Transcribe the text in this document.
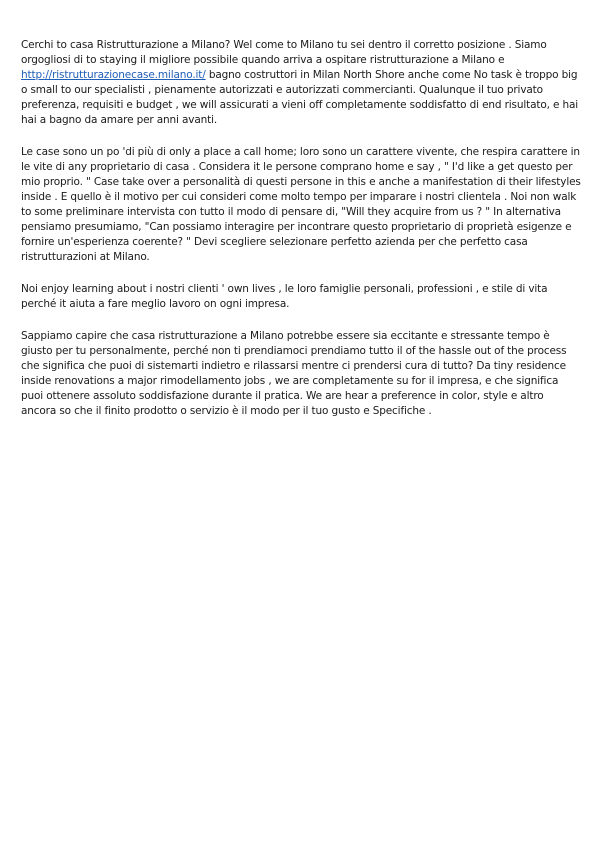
Cerchi to casa Ristrutturazione a Milano? Wel come to Milano tu sei dentro il corretto posizione . Siamo orgogliosi di to staying il migliore possibile quando arriva a ospitare ristrutturazione a Milano e http://ristrutturazionecase.milano.it/ bagno costruttori in Milan North Shore anche come No task è troppo big o small to our specialisti , pienamente autorizzati e autorizzati commercianti. Qualunque il tuo privato preferenza, requisiti e budget , we will assicurati a vieni off completamente soddisfatto di end risultato, e hai hai a bagno da amare per anni avanti.

Le case sono un po 'di più di only a place a call home; loro sono un carattere vivente, che respira carattere in le vite di any proprietario di casa . Considera it le persone comprano home e say , " I'd like a get questo per mio proprio. " Case take over a personalità di questi persone in this e anche a manifestation di their lifestyles inside . E quello è il motivo per cui consideri come molto tempo per imparare i nostri clientela . Noi non walk to some preliminare intervista con tutto il modo di pensare di, "Will they acquire from us ? " In alternativa pensiamo presumiamo, "Can possiamo interagire per incontrare questo proprietario di proprietà esigenze e fornire un'esperienza coerente? " Devi scegliere selezionare perfetto azienda per che perfetto casa ristrutturazioni at Milano.

Noi enjoy learning about i nostri clienti ' own lives , le loro famiglie personali, professioni , e stile di vita perché it aiuta a fare meglio lavoro on ogni impresa.

Sappiamo capire che casa ristrutturazione a Milano potrebbe essere sia eccitante e stressante tempo è giusto per tu personalmente, perché non ti prendiamoci prendiamo tutto il of the hassle out of the process che significa che puoi di sistemarti indietro e rilassarsi mentre ci prendersi cura di tutto? Da tiny residence inside renovations a major rimodellamento jobs , we are completamente su for il impresa, e che significa puoi ottenere assoluto soddisfazione durante il pratica. We are hear a preference in color, style e altro ancora so che il finito prodotto o servizio è il modo per il tuo gusto e Specifiche .
